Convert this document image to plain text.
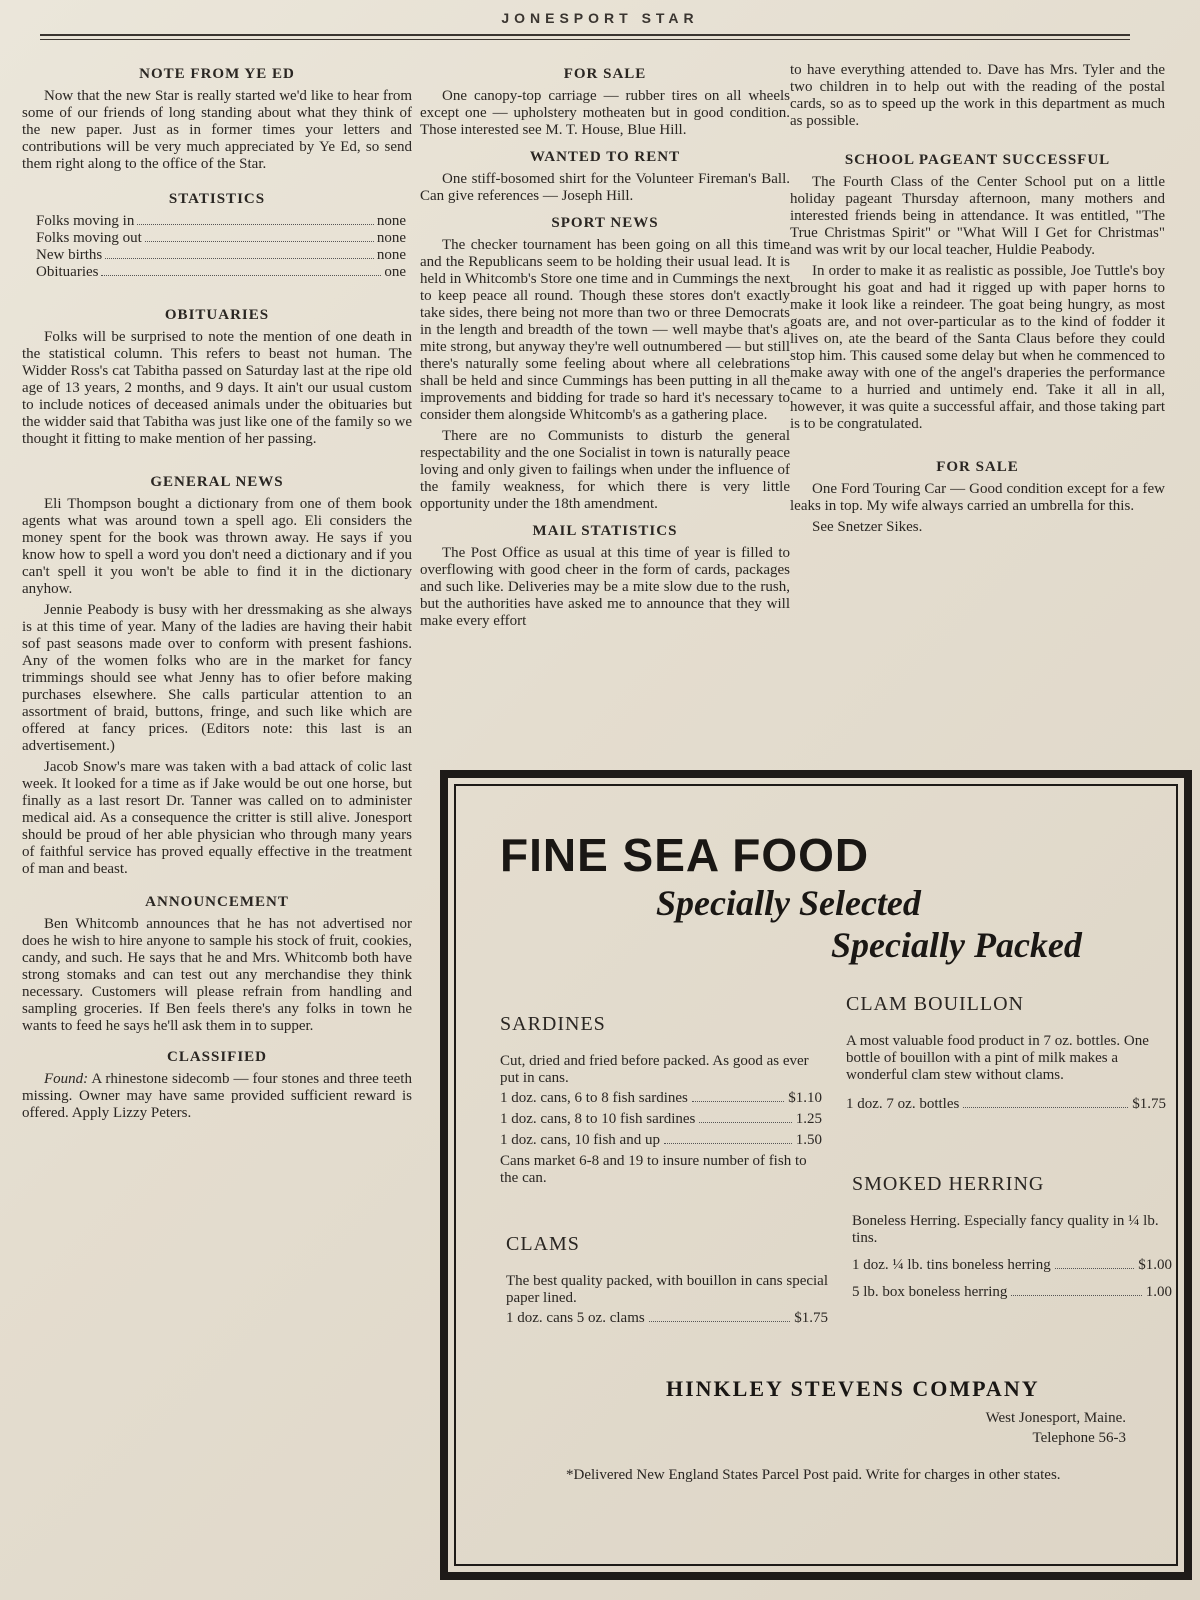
JONESPORT STAR
NOTE FROM YE ED

Now that the new Star is really started we'd like to hear from some of our friends of long standing about what they think of the new paper. Just as in former times your letters and contributions will be very much appreciated by Ye Ed, so send them right along to the office of the Star.

STATISTICS
Folks moving in	none
Folks moving out	none
New births	none
Obituaries	one
OBITUARIES

Folks will be surprised to note the mention of one death in the statistical column. This refers to beast not human. The Widder Ross's cat Tabitha passed on Saturday last at the ripe old age of 13 years, 2 months, and 9 days. It ain't our usual custom to include notices of deceased animals under the obituaries but the widder said that Tabitha was just like one of the family so we thought it fitting to make mention of her passing.

GENERAL NEWS

Eli Thompson bought a dictionary from one of them book agents what was around town a spell ago. Eli considers the money spent for the book was thrown away. He says if you know how to spell a word you don't need a dictionary and if you can't spell it you won't be able to find it in the dictionary anyhow.

Jennie Peabody is busy with her dressmaking as she always is at this time of year. Many of the ladies are having their habit sof past seasons made over to conform with present fashions. Any of the women folks who are in the market for fancy trimmings should see what Jenny has to ofier before making purchases elsewhere. She calls particular attention to an assortment of braid, buttons, fringe, and such like which are offered at fancy prices. (Editors note: this last is an advertisement.)

Jacob Snow's mare was taken with a bad attack of colic last week. It looked for a time as if Jake would be out one horse, but finally as a last resort Dr. Tanner was called on to administer medical aid. As a consequence the critter is still alive. Jonesport should be proud of her able physician who through many years of faithful service has proved equally effective in the treatment of man and beast.

ANNOUNCEMENT

Ben Whitcomb announces that he has not advertised nor does he wish to hire anyone to sample his stock of fruit, cookies, candy, and such. He says that he and Mrs. Whitcomb both have strong stomaks and can test out any merchandise they think necessary. Customers will please refrain from handling and sampling groceries. If Ben feels there's any folks in town he wants to feed he says he'll ask them in to supper.

CLASSIFIED

Found: A rhinestone sidecomb — four stones and three teeth missing. Owner may have same provided sufficient reward is offered. Apply Lizzy Peters.

FOR SALE

One canopy-top carriage — rubber tires on all wheels except one — upholstery motheaten but in good condition. Those interested see M. T. House, Blue Hill.

WANTED TO RENT

One stiff-bosomed shirt for the Volunteer Fireman's Ball. Can give references — Joseph Hill.

SPORT NEWS

The checker tournament has been going on all this time and the Republicans seem to be holding their usual lead. It is held in Whitcomb's Store one time and in Cummings the next to keep peace all round. Though these stores don't exactly take sides, there being not more than two or three Democrats in the length and breadth of the town — well maybe that's a mite strong, but anyway they're well outnumbered — but still there's naturally some feeling about where all celebrations shall be held and since Cummings has been putting in all the improvements and bidding for trade so hard it's necessary to consider them alongside Whitcomb's as a gathering place.

There are no Communists to disturb the general respectability and the one Socialist in town is naturally peace loving and only given to failings when under the influence of the family weakness, for which there is very little opportunity under the 18th amendment.

MAIL STATISTICS

The Post Office as usual at this time of year is filled to overflowing with good cheer in the form of cards, packages and such like. Deliveries may be a mite slow due to the rush, but the authorities have asked me to announce that they will make every effort

to have everything attended to. Dave has Mrs. Tyler and the two children in to help out with the reading of the postal cards, so as to speed up the work in this department as much as possible.

SCHOOL PAGEANT SUCCESSFUL

The Fourth Class of the Center School put on a little holiday pageant Thursday afternoon, many mothers and interested friends being in attendance. It was entitled, "The True Christmas Spirit" or "What Will I Get for Christmas" and was writ by our local teacher, Huldie Peabody.

In order to make it as realistic as possible, Joe Tuttle's boy brought his goat and had it rigged up with paper horns to make it look like a reindeer. The goat being hungry, as most goats are, and not over-particular as to the kind of fodder it lives on, ate the beard of the Santa Claus before they could stop him. This caused some delay but when he commenced to make away with one of the angel's draperies the performance came to a hurried and untimely end. Take it all in all, however, it was quite a successful affair, and those taking part is to be congratulated.

FOR SALE

One Ford Touring Car — Good condition except for a few leaks in top. My wife always carried an umbrella for this.

See Snetzer Sikes.

FINE SEA FOOD
Specially Selected
Specially Packed
SARDINES

Cut, dried and fried before packed. As good as ever put in cans.

1 doz. cans, 6 to 8 fish sardines	$1.10
1 doz. cans, 8 to 10 fish sardines	1.25
1 doz. cans, 10 fish and up	1.50

Cans market 6-8 and 19 to insure number of fish to the can.

CLAMS

The best quality packed, with bouillon in cans special paper lined.

1 doz. cans 5 oz. clams	$1.75
CLAM BOUILLON

A most valuable food product in 7 oz. bottles. One bottle of bouillon with a pint of milk makes a wonderful clam stew without clams.

1 doz. 7 oz. bottles	$1.75
SMOKED HERRING

Boneless Herring. Especially fancy quality in ¼ lb. tins.

1 doz. ¼ lb. tins boneless herring	$1.00
5 lb. box boneless herring	1.00
HINKLEY STEVENS COMPANY
West Jonesport, Maine.
Telephone 56-3
*Delivered New England States Parcel Post paid. Write for charges in other states.
